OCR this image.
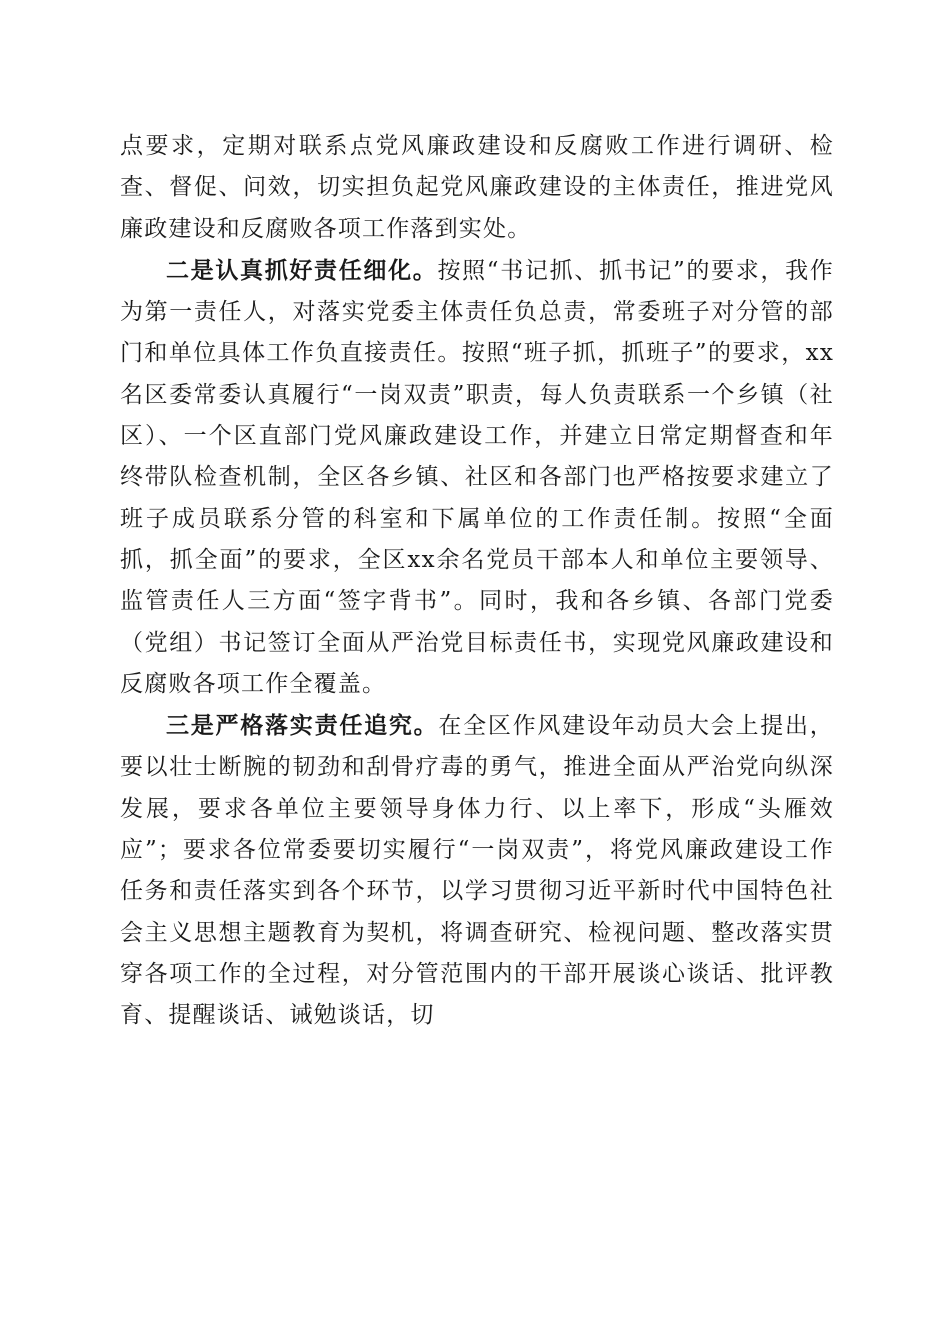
点要求，定期对联系点党风廉政建设和反腐败工作进行调研、检查、督促、问效，切实担负起党风廉政建设的主体责任，推进党风廉政建设和反腐败各项工作落到实处。

二是认真抓好责任细化。按照“书记抓、抓书记”的要求，我作为第一责任人，对落实党委主体责任负总责，常委班子对分管的部门和单位具体工作负直接责任。按照“班子抓，抓班子”的要求，xx名区委常委认真履行“一岗双责”职责，每人负责联系一个乡镇（社区）、一个区直部门党风廉政建设工作，并建立日常定期督查和年终带队检查机制，全区各乡镇、社区和各部门也严格按要求建立了班子成员联系分管的科室和下属单位的工作责任制。按照“全面抓，抓全面”的要求，全区xx余名党员干部本人和单位主要领导、监管责任人三方面“签字背书”。同时，我和各乡镇、各部门党委（党组）书记签订全面从严治党目标责任书，实现党风廉政建设和反腐败各项工作全覆盖。

三是严格落实责任追究。在全区作风建设年动员大会上提出，要以壮士断腕的韧劲和刮骨疗毒的勇气，推进全面从严治党向纵深发展，要求各单位主要领导身体力行、以上率下，形成“头雁效应”；要求各位常委要切实履行“一岗双责”，将党风廉政建设工作任务和责任落实到各个环节，以学习贯彻习近平新时代中国特色社会主义思想主题教育为契机，将调查研究、检视问题、整改落实贯穿各项工作的全过程，对分管范围内的干部开展谈心谈话、批评教育、提醒谈话、诫勉谈话，切
